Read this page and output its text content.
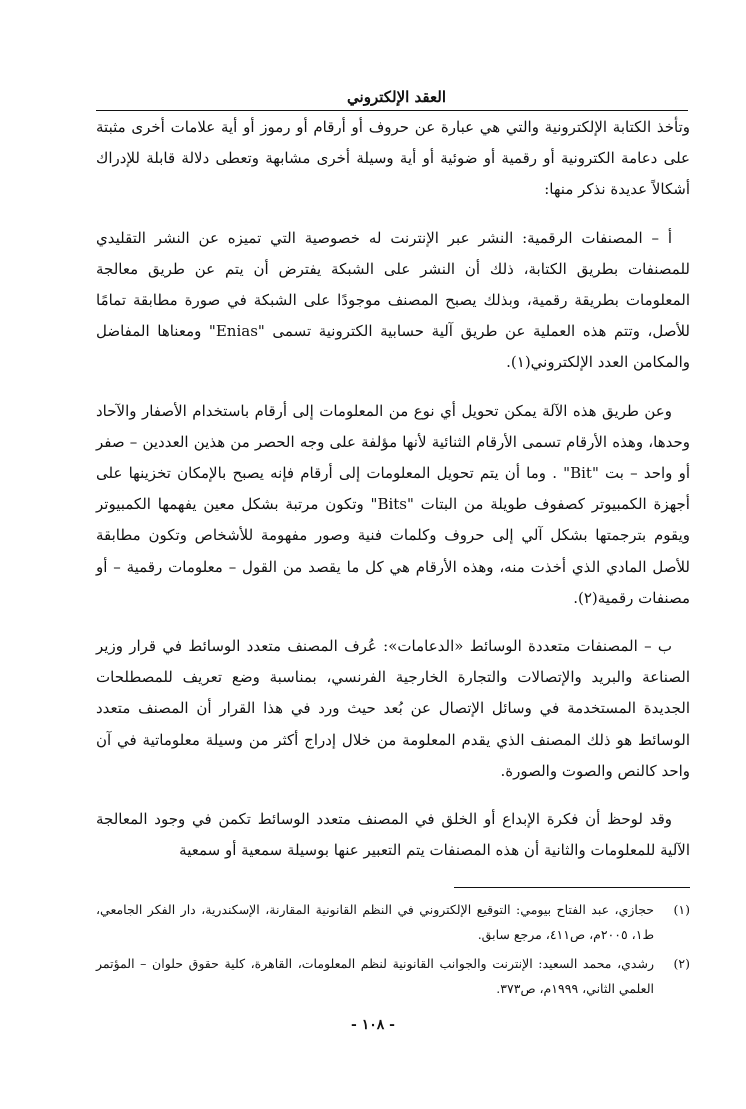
العقد الإلكتروني

وتأخذ الكتابة الإلكترونية والتي هي عبارة عن حروف أو أرقام أو رموز أو أية علامات أخرى مثبتة على دعامة الكترونية أو رقمية أو ضوئية أو أية وسيلة أخرى مشابهة وتعطى دلالة قابلة للإدراك أشكالاً عديدة نذكر منها:

أ – المصنفات الرقمية: النشر عبر الإنترنت له خصوصية التي تميزه عن النشر التقليدي للمصنفات بطريق الكتابة، ذلك أن النشر على الشبكة يفترض أن يتم عن طريق معالجة المعلومات بطريقة رقمية، وبذلك يصبح المصنف موجودًا على الشبكة في صورة مطابقة تمامًا للأصل، وتتم هذه العملية عن طريق آلية حسابية الكترونية تسمى "Enias" ومعناها المفاضل والمكامن العدد الإلكتروني(١).

وعن طريق هذه الآلة يمكن تحويل أي نوع من المعلومات إلى أرقام باستخدام الأصفار والآحاد وحدها، وهذه الأرقام تسمى الأرقام الثنائية لأنها مؤلفة على وجه الحصر من هذين العددين – صفر أو واحد – بت "Bit" . وما أن يتم تحويل المعلومات إلى أرقام فإنه يصبح بالإمكان تخزينها على أجهزة الكمبيوتر كصفوف طويلة من البتات "Bits" وتكون مرتبة بشكل معين يفهمها الكمبيوتر ويقوم بترجمتها بشكل آلي إلى حروف وكلمات فنية وصور مفهومة للأشخاص وتكون مطابقة للأصل المادي الذي أخذت منه، وهذه الأرقام هي كل ما يقصد من القول – معلومات رقمية – أو مصنفات رقمية(٢).

ب – المصنفات متعددة الوسائط «الدعامات»: عُرف المصنف متعدد الوسائط في قرار وزير الصناعة والبريد والإتصالات والتجارة الخارجية الفرنسي، بمناسبة وضع تعريف للمصطلحات الجديدة المستخدمة في وسائل الإتصال عن بُعد حيث ورد في هذا القرار أن المصنف متعدد الوسائط هو ذلك المصنف الذي يقدم المعلومة من خلال إدراج أكثر من وسيلة معلوماتية في آن واحد كالنص والصوت والصورة.

وقد لوحظ أن فكرة الإبداع أو الخلق في المصنف متعدد الوسائط تكمن في وجود المعالجة الآلية للمعلومات والثانية أن هذه المصنفات يتم التعبير عنها بوسيلة سمعية أو سمعية

(١)
حجازي، عبد الفتاح بيومي: التوقيع الإلكتروني في النظم القانونية المقارنة، الإسكندرية، دار الفكر الجامعي، ط١، ٢٠٠٥م، ص٤١١، مرجع سابق.
(٢)
رشدي، محمد السعيد: الإنترنت والجوانب القانونية لنظم المعلومات، القاهرة، كلية حقوق حلوان – المؤتمر العلمي الثاني، ١٩٩٩م، ص٣٧٣.
- ١٠٨ -
